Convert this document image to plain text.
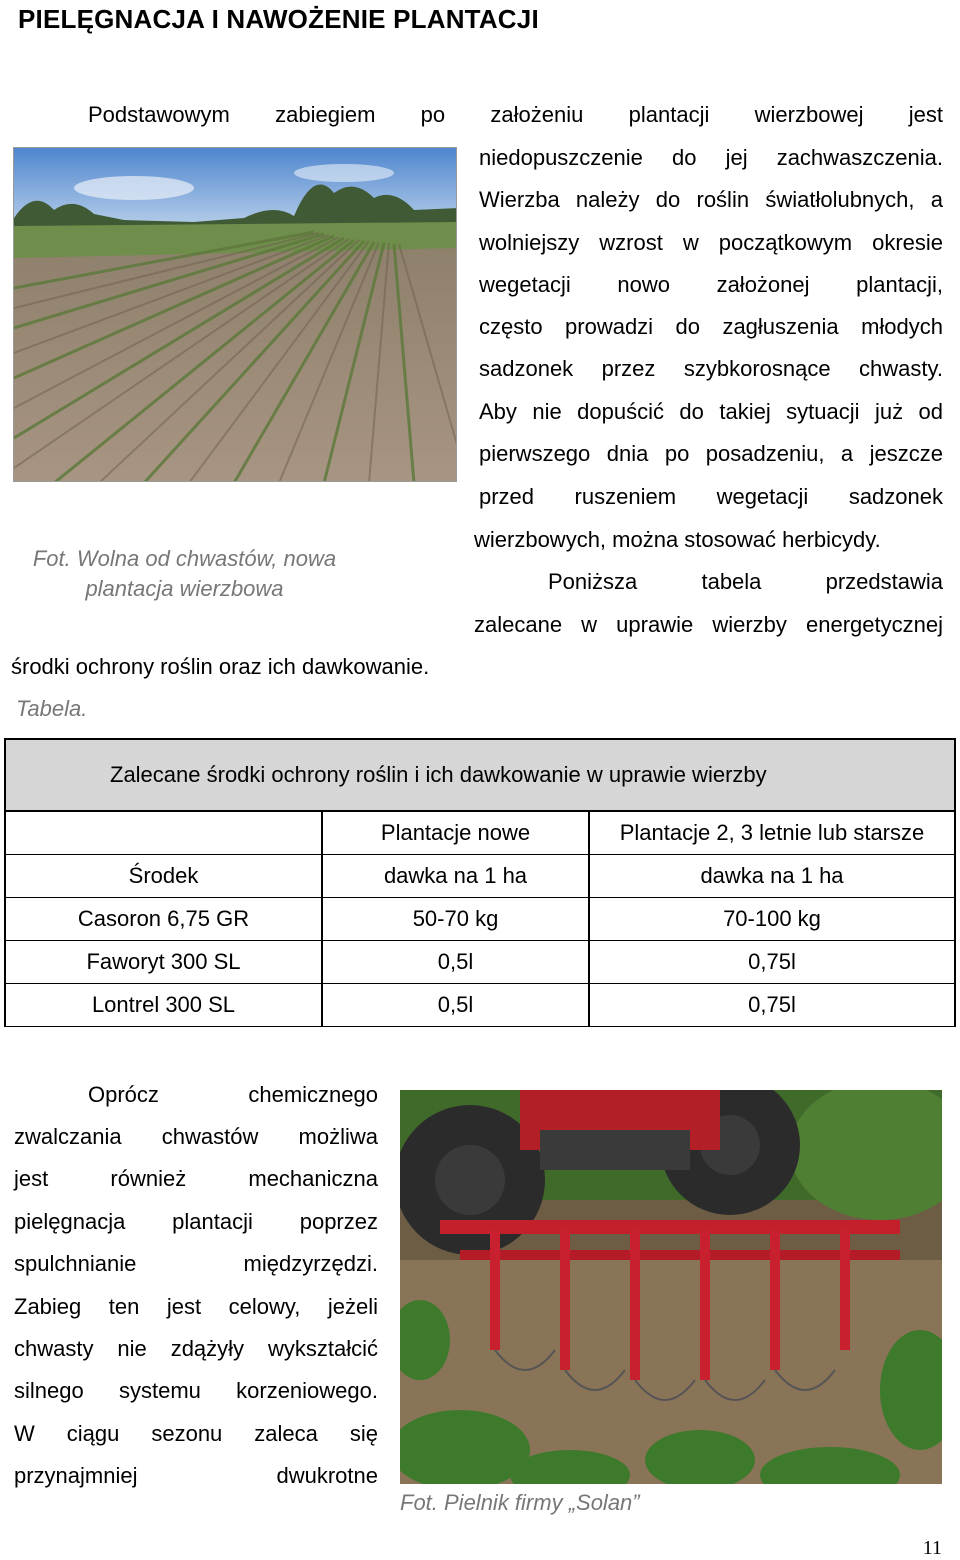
PIELĘGNACJA I NAWOŻENIE PLANTACJI
Podstawowym zabiegiem po założeniu plantacji wierzbowej jest
niedopuszczenie do jej zachwaszczenia.
Wierzba należy do roślin światłolubnych, a
wolniejszy wzrost w początkowym okresie
wegetacji nowo założonej plantacji,
często prowadzi do zagłuszenia młodych
sadzonek przez szybkorosnące chwasty.
Aby nie dopuścić do takiej sytuacji już od
pierwszego dnia po posadzeniu, a jeszcze
przed ruszeniem wegetacji sadzonek
wierzbowych, można stosować herbicydy.
Poniższa tabela przedstawia
zalecane w uprawie wierzby energetycznej
środki ochrony roślin oraz ich dawkowanie.
Tabela.
Fot. Wolna od chwastów, nowa
plantacja wierzbowa
Zalecane środki ochrony roślin i ich dawkowanie w uprawie wierzby		
	Plantacje nowe	Plantacje 2, 3 letnie lub starsze
Środek	dawka na 1 ha	dawka na 1 ha
Casoron 6,75 GR	50-70 kg	70-100 kg
Faworyt 300 SL	0,5l	0,75l
Lontrel 300 SL	0,5l	0,75l
Oprócz chemicznego
zwalczania chwastów możliwa
jest również mechaniczna
pielęgnacja plantacji poprzez
spulchnianie międzyrzędzi.
Zabieg ten jest celowy, jeżeli
chwasty nie zdążyły wykształcić
silnego systemu korzeniowego.
W ciągu sezonu zaleca się
przynajmniej dwukrotne
Fot. Pielnik firmy „Solan”
11
